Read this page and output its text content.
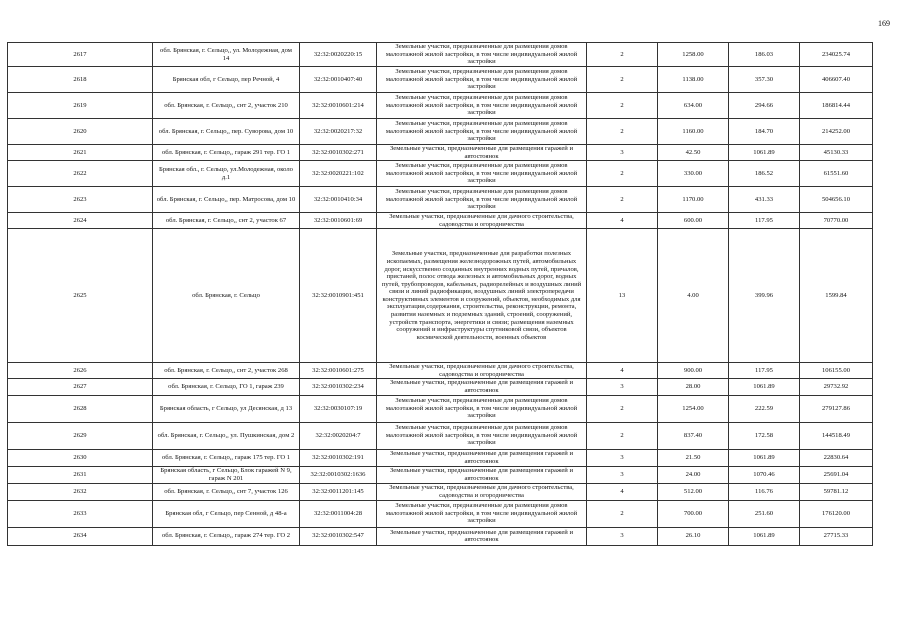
169
2617	обл. Брянская, г. Сельцо,, ул. Молодежная, дом 14	32:32:0020220:15	Земельные участки, предназначенные для размещения домов малоэтажной жилой застройки, в том числе индивидуальной жилой застройки	2	1258.00	186.03	234025.74
2618	Брянская обл, г Сельцо, пер Речной, 4	32:32:0010407:40	Земельные участки, предназначенные для размещения домов малоэтажной жилой застройки, в том числе индивидуальной жилой застройки	2	1138.00	357.30	406607.40
2619	обл. Брянская, г. Сельцо,, снт 2, участок 210	32:32:0010601:214	Земельные участки, предназначенные для размещения домов малоэтажной жилой застройки, в том числе индивидуальной жилой застройки	2	634.00	294.66	186814.44
2620	обл. Брянская, г. Сельцо,, пер. Суворова, дом 10	32:32:0020217:32	Земельные участки, предназначенные для размещения домов малоэтажной жилой застройки, в том числе индивидуальной жилой застройки	2	1160.00	184.70	214252.00
2621	обл. Брянская, г. Сельцо,, гараж 291 тер. ГО 1	32:32:0010302:271	Земельные участки, предназначенные для размещения гаражей и автостоянок	3	42.50	1061.89	45130.33
2622	Брянская обл., г. Сельцо, ул.Молодежная, около д.1	32:32:0020221:102	Земельные участки, предназначенные для размещения домов малоэтажной жилой застройки, в том числе индивидуальной жилой застройки	2	330.00	186.52	61551.60
2623	обл. Брянская, г. Сельцо,, пер. Матросова, дом 10	32:32:0010410:34	Земельные участки, предназначенные для размещения домов малоэтажной жилой застройки, в том числе индивидуальной жилой застройки	2	1170.00	431.33	504656.10
2624	обл. Брянская, г. Сельцо,, снт 2, участок 67	32:32:0010601:69	Земельные участки, предназначенные для дачного строительства, садоводства и огородничества	4	600.00	117.95	70770.00
2625	обл. Брянская, г. Сельцо	32:32:0010901:451	Земельные участки, предназначенные для разработки полезных ископаемых, размещения железнодорожных путей, автомобильных дорог, искусственно созданных внутренних водных путей, причалов, пристаней, полос отвода железных и автомобильных дорог, водных путей, трубопроводов, кабельных, радиорелейных и воздушных линий связи и линий радиофикации, воздушных линий электропередачи конструктивных элементов и сооружений, объектов, необходимых для эксплуатации,содержания, строительства, реконструкции, ремонта, развития наземных и подземных зданий, строений, сооружений, устройств транспорта, энергетики и связи; размещения наземных сооружений и инфраструктуры спутниковой связи, объектов космической деятельности, военных объектов	13	4.00	399.96	1599.84
2626	обл. Брянская, г. Сельцо,, снт 2, участок 268	32:32:0010601:275	Земельные участки, предназначенные для дачного строительства, садоводства и огородничества	4	900.00	117.95	106155.00
2627	обл. Брянская, г. Сельцо, ГО 1, гараж 239	32:32:0010302:234	Земельные участки, предназначенные для размещения гаражей и автостоянок	3	28.00	1061.89	29732.92
2628	Брянская область, г Сельцо, ул Десянская, д 13	32:32:0030107:19	Земельные участки, предназначенные для размещения домов малоэтажной жилой застройки, в том числе индивидуальной жилой застройки	2	1254.00	222.59	279127.86
2629	обл. Брянская, г. Сельцо,, ул. Пушкинская, дом 2	32:32:0020204:7	Земельные участки, предназначенные для размещения домов малоэтажной жилой застройки, в том числе индивидуальной жилой застройки	2	837.40	172.58	144518.49
2630	обл. Брянская, г. Сельцо,, гараж 175 тер. ГО 1	32:32:0010302:191	Земельные участки, предназначенные для размещения гаражей и автостоянок	3	21.50	1061.89	22830.64
2631	Брянская область, г Сельцо, Блок гаражей N 9, гараж N 201	32:32:0010302:1636	Земельные участки, предназначенные для размещения гаражей и автостоянок	3	24.00	1070.46	25691.04
2632	обл. Брянская, г. Сельцо,, снт 7, участок 126	32:32:0011201:145	Земельные участки, предназначенные для дачного строительства, садоводства и огородничества	4	512.00	116.76	59781.12
2633	Брянская обл, г Сельцо, пер Сенной, д 48-а	32:32:0011004:28	Земельные участки, предназначенные для размещения домов малоэтажной жилой застройки, в том числе индивидуальной жилой застройки	2	700.00	251.60	176120.00
2634	обл. Брянская, г. Сельцо,, гараж 274 тер. ГО 2	32:32:0010302:547	Земельные участки, предназначенные для размещения гаражей и автостоянок	3	26.10	1061.89	27715.33
